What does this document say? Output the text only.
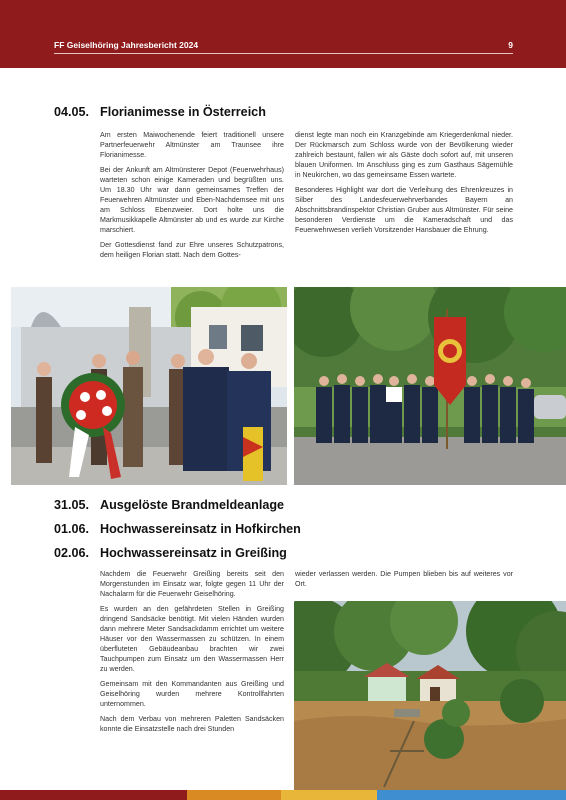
FF Geiselhöring Jahresbericht 2024	9
04.05. Florianimesse in Österreich

Am ersten Maiwochenende feiert traditionell unsere Partnerfeuerwehr Altmünster am Traunsee ihre Florianimesse.

Bei der Ankunft am Altmünsterer Depot (Feuerwehrhaus) warteten schon einige Kameraden und begrüßten uns. Um 18.30 Uhr war dann gemeinsames Treffen der Feuerwehren Altmünster und Eben-Nachdemsee mit uns am Schloss Ebenzweier. Dort holte uns die Markmusikkapelle Altmünster ab und es wurde zur Kirche marschiert.

Der Gottesdienst fand zur Ehre unseres Schutzpatrons, dem heiligen Florian statt. Nach dem Gottes-

dienst legte man noch ein Kranzgebinde am Kriegerdenkmal nieder. Der Rückmarsch zum Schloss wurde von der Bevölkerung wieder zahlreich bestaunt, fallen wir als Gäste doch sofort auf, mit unseren blauen Uniformen. Im Anschluss ging es zum Gasthaus Sägemühle in Neukirchen, wo das gemeinsame Essen wartete.

Besonderes Highlight war dort die Verleihung des Ehrenkreuzes in Silber des Landesfeuerwehrverbandes Bayern an Abschnittsbrandinspektor Christian Gruber aus Altmünster. Für seine besonderen Verdienste um die Kameradschaft und das Feuerwehrwesen verlieh Vorsitzender Hansbauer die Ehrung.

31.05. Ausgelöste Brandmeldeanlage
01.06. Hochwassereinsatz in Hofkirchen
02.06. Hochwassereinsatz in Greißing

Nachdem die Feuerwehr Greißing bereits seit den Morgenstunden im Einsatz war, folgte gegen 11 Uhr der Nachalarm für die Feuerwehr Geiselhöring.

Es wurden an den gefährdeten Stellen in Greißing dringend Sandsäcke benötigt. Mit vielen Händen wurden dann mehrere Meter Sandsackdamm errichtet um weitere Häuser vor den Wassermassen zu schützen. In einem überfluteten Gebäudeanbau brachten wir zwei Tauchpumpen zum Einsatz um den Wassermassen Herr zu werden.

Gemeinsam mit den Kommandanten aus Greißing und Geiselhöring wurden mehrere Kontrollfahrten unternommen.

Nach dem Verbau von mehreren Paletten Sandsäcken konnte die Einsatzstelle nach drei Stunden

wieder verlassen werden. Die Pumpen blieben bis auf weiteres vor Ort.
